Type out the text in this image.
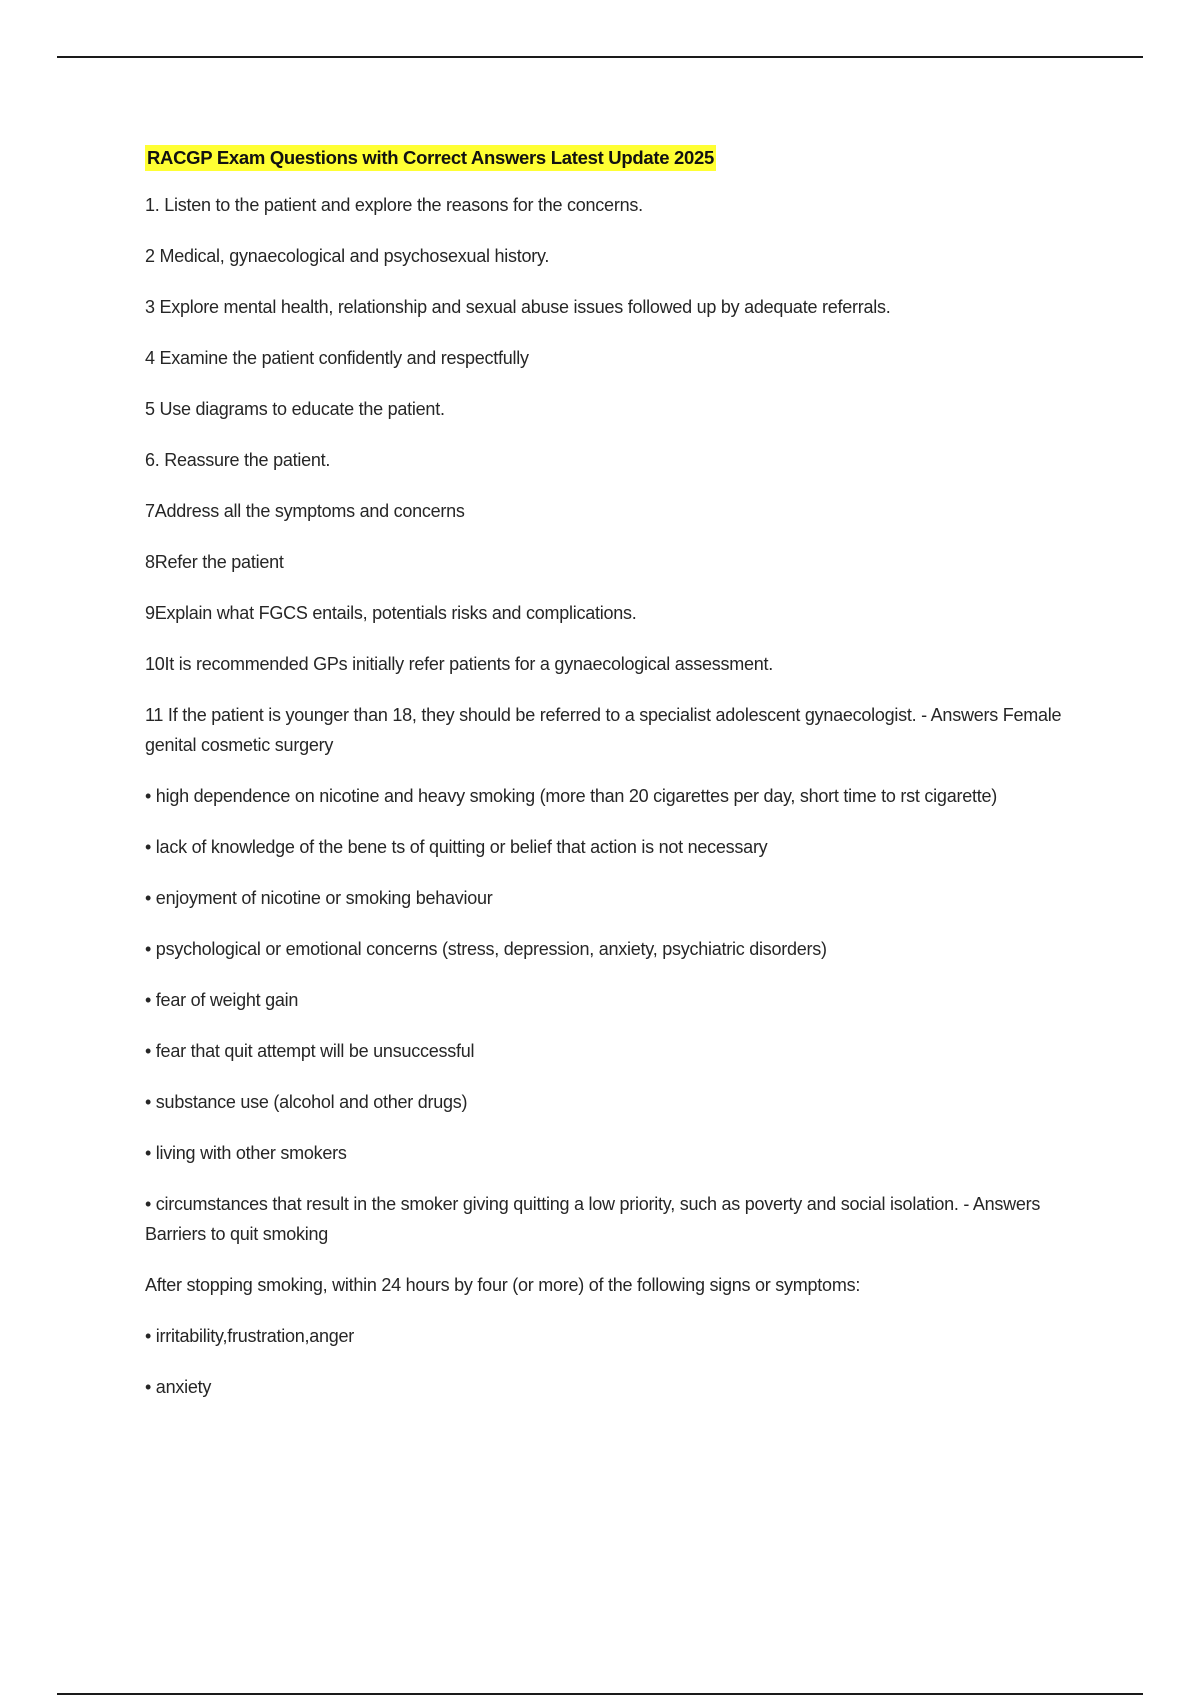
RACGP Exam Questions with Correct Answers Latest Update 2025

1. Listen to the patient and explore the reasons for the concerns.

2 Medical, gynaecological and psychosexual history.

3 Explore mental health, relationship and sexual abuse issues followed up by adequate referrals.

4 Examine the patient confidently and respectfully

5 Use diagrams to educate the patient.

6. Reassure the patient.

7Address all the symptoms and concerns

8Refer the patient

9Explain what FGCS entails, potentials risks and complications.

10It is recommended GPs initially refer patients for a gynaecological assessment.

11 If the patient is younger than 18, they should be referred to a specialist adolescent gynaecologist. - Answers Female genital cosmetic surgery

• high dependence on nicotine and heavy smoking (more than 20 cigarettes per day, short time to rst cigarette)

• lack of knowledge of the bene ts of quitting or belief that action is not necessary

• enjoyment of nicotine or smoking behaviour

• psychological or emotional concerns (stress, depression, anxiety, psychiatric disorders)

• fear of weight gain

• fear that quit attempt will be unsuccessful

• substance use (alcohol and other drugs)

• living with other smokers

• circumstances that result in the smoker giving quitting a low priority, such as poverty and social isolation. - Answers Barriers to quit smoking

After stopping smoking, within 24 hours by four (or more) of the following signs or symptoms:

• irritability,frustration,anger

• anxiety
